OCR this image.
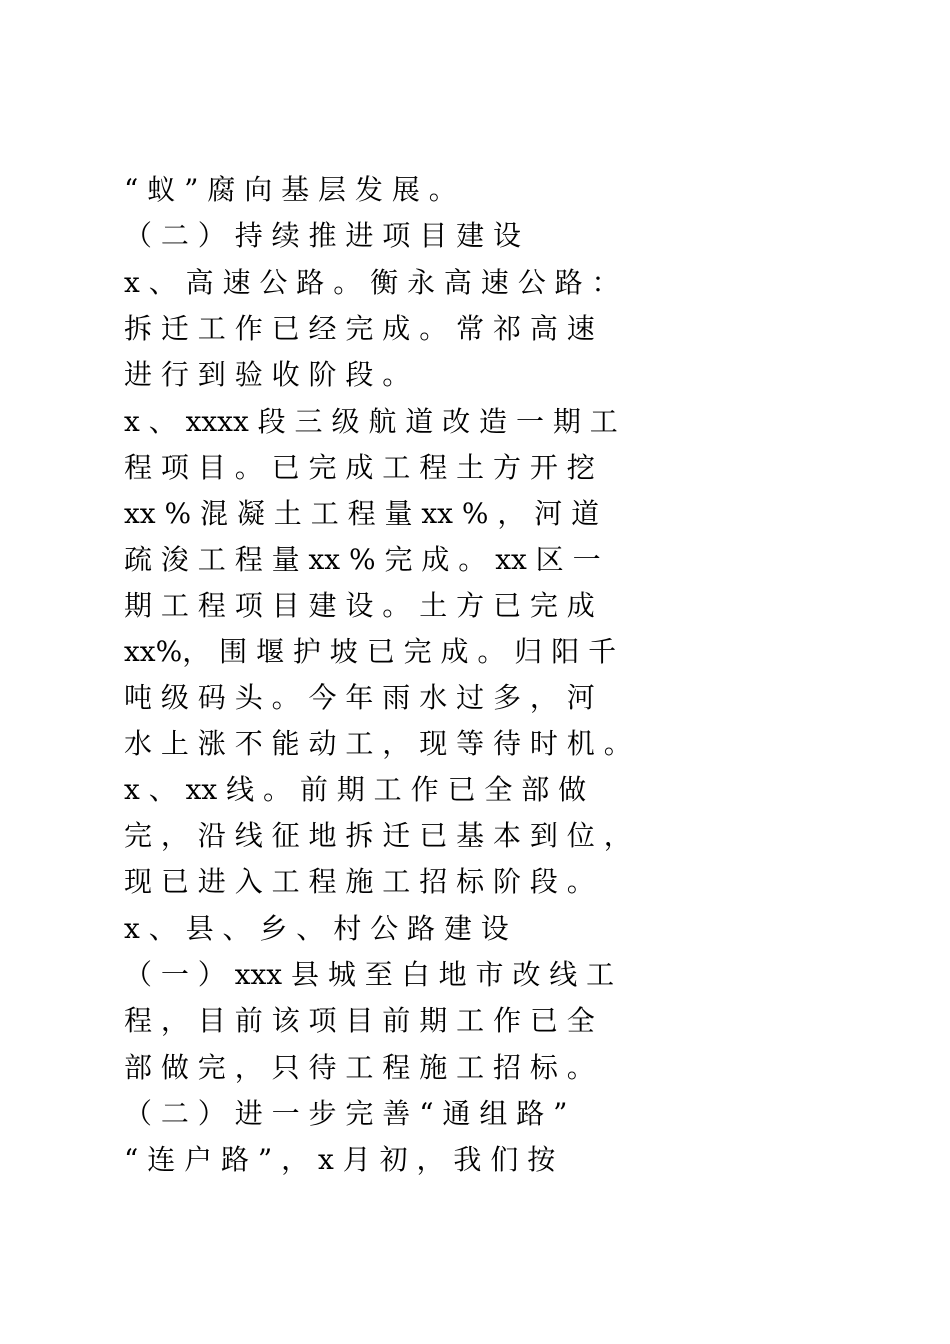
“ 蚁 ” 腐 向 基 层 发 展 。
（ 二 ） 持 续 推 进 项 目 建 设
x 、 高 速 公 路 。 衡 永 高 速 公 路 ：
拆 迁 工 作 已 经 完 成 。 常 祁 高 速
进 行 到 验 收 阶 段 。
x 、 xxxx 段 三 级 航 道 改 造 一 期 工
程 项 目 。 已 完 成 工 程 土 方 开 挖
xx % 混 凝 土 工 程 量 xx % ， 河 道
疏 浚 工 程 量 xx % 完 成 。 xx 区 一
期 工 程 项 目 建 设 。 土 方 已 完 成
xx%， 围 堰 护 坡 已 完 成 。 归 阳 千
吨 级 码 头 。 今 年 雨 水 过 多 ， 河
水 上 涨 不 能 动 工 ， 现 等 待 时 机 。
x 、 xx 线 。 前 期 工 作 已 全 部 做
完 ， 沿 线 征 地 拆 迁 已 基 本 到 位 ，
现 已 进 入 工 程 施 工 招 标 阶 段 。
x 、 县 、 乡 、 村 公 路 建 设
（ 一 ） xxx 县 城 至 白 地 市 改 线 工
程 ， 目 前 该 项 目 前 期 工 作 已 全
部 做 完 ， 只 待 工 程 施 工 招 标 。
（ 二 ） 进 一 步 完 善 “ 通 组 路 ”
“ 连 户 路 ” ， x 月 初 ， 我 们 按
